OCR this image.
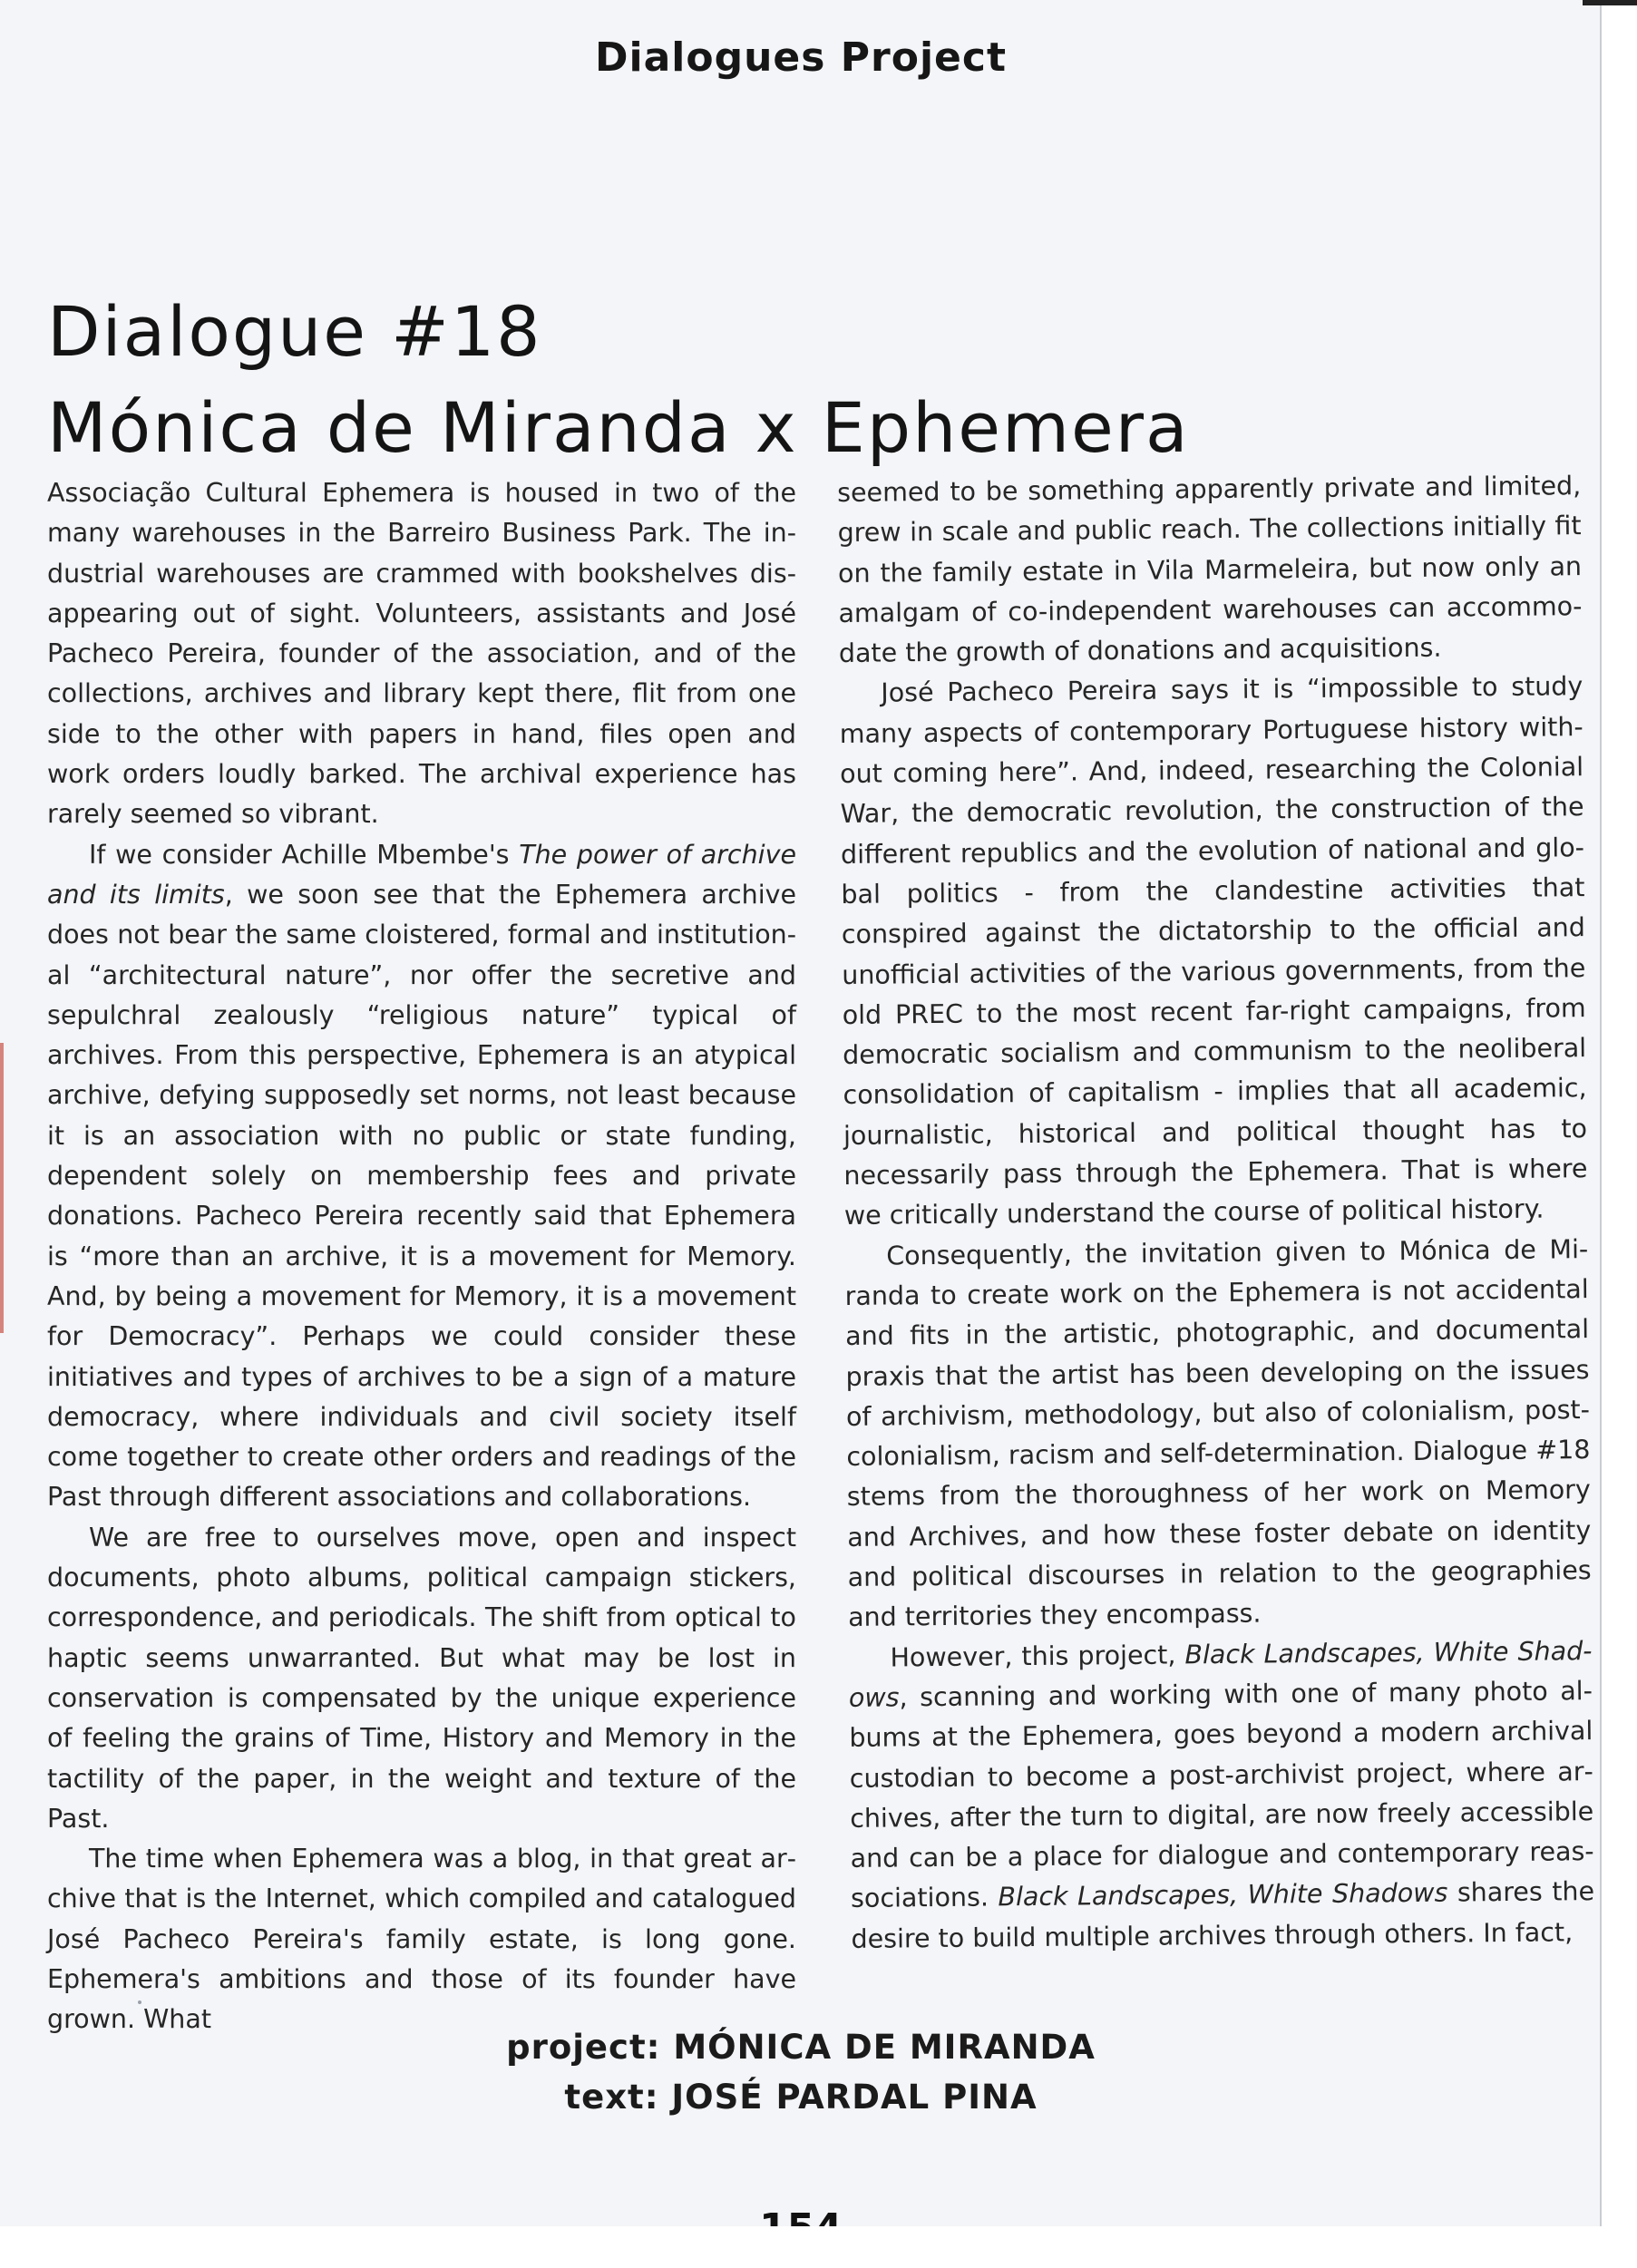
Dialogues Project
Dialogue #18
Mónica de Miranda x Ephemera

Associação Cultural Ephemera is housed in two of the many warehouses in the Barreiro Business Park. The industrial warehouses are crammed with bookshelves disappearing out of sight. Volunteers, assistants and José Pacheco Pereira, founder of the association, and of the collections, archives and library kept there, flit from one side to the other with papers in hand, files open and work orders loudly barked. The archival experience has rarely seemed so vibrant.

If we consider Achille Mbembe's The power of archive and its limits, we soon see that the Ephemera archive does not bear the same cloistered, formal and institutional “architectural nature”, nor offer the secretive and sepulchral zealously “religious nature” typical of archives. From this perspective, Ephemera is an atypical archive, defying supposedly set norms, not least because it is an association with no public or state funding, dependent solely on membership fees and private donations. Pacheco Pereira recently said that Ephemera is “more than an archive, it is a movement for Memory. And, by being a movement for Memory, it is a movement for Democracy”. Perhaps we could consider these initiatives and types of archives to be a sign of a mature democracy, where individuals and civil society itself come together to create other orders and readings of the Past through different associations and collaborations.

We are free to ourselves move, open and inspect documents, photo albums, political campaign stickers, correspondence, and periodicals. The shift from optical to haptic seems unwarranted. But what may be lost in conservation is compensated by the unique experience of feeling the grains of Time, History and Memory in the tactility of the paper, in the weight and texture of the Past.

The time when Ephemera was a blog, in that great archive that is the Internet, which compiled and catalogued José Pacheco Pereira's family estate, is long gone. Ephemera's ambitions and those of its founder have grown. What

seemed to be something apparently private and limited, grew in scale and public reach. The collections initially fit on the family estate in Vila Marmeleira, but now only an amalgam of co-independent warehouses can accommodate the growth of donations and acquisitions.

José Pacheco Pereira says it is “impossible to study many aspects of contemporary Portuguese history without coming here”. And, indeed, researching the Colonial War, the democratic revolution, the construction of the different republics and the evolution of national and global politics - from the clandestine activities that conspired against the dictatorship to the official and unofficial activities of the various governments, from the old PREC to the most recent far-right campaigns, from democratic socialism and communism to the neoliberal consolidation of capitalism - implies that all academic, journalistic, historical and political thought has to necessarily pass through the Ephemera. That is where we critically understand the course of political history.

Consequently, the invitation given to Mónica de Miranda to create work on the Ephemera is not accidental and fits in the artistic, photographic, and documental praxis that the artist has been developing on the issues of archivism, methodology, but also of colonialism, postcolonialism, racism and self-determination. Dialogue #18 stems from the thoroughness of her work on Memory and Archives, and how these foster debate on identity and political discourses in relation to the geographies and territories they encompass.

However, this project, Black Landscapes, White Shadows, scanning and working with one of many photo albums at the Ephemera, goes beyond a modern archival custodian to become a post-archivist project, where archives, after the turn to digital, are now freely accessible and can be a place for dialogue and contemporary reassociations. Black Landscapes, White Shadows shares the desire to build multiple archives through others. In fact,

project: MÓNICA DE MIRANDA
text: JOSÉ PARDAL PINA
